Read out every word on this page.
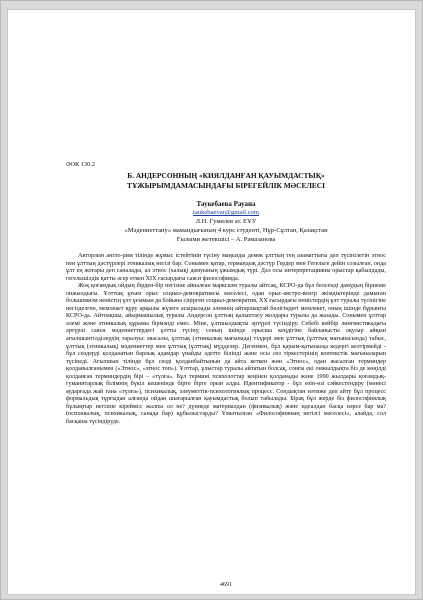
ӘОК 130.2
Б. АНДЕРСОННЫҢ «КИЯЛДАНҒАН ҚАУЫМДАСТЫҚ»
ТҰЖЫРЫМДАМАСЫНДАҒЫ БІРЕГЕЙЛІК МӘСЕЛЕСІ
Таукебаева Рауана
taukebaevar@gmail.com
Л.Н. Гумилев ат. ЕҰУ
«Мәдениеттану» мамандығының 4 курс студенті, Нұр-Сұлтан, Қазақстан
Ғылыми жетекшісі – А. Рамазанова

Авторлын англо-рим тілінде жұмыс істейтінін түсіну маңызды демек ұлттың тең азаматтығы деп түсінілетін этнос пен ұлттың дәстүрлері этникалық негізі бар. Сонымен қатар, германдық дәстүр Гердер мен Гегельге дейін созылған, онда ұлт ең жоғары деп саналады, ал этнос (халық) дамуының ұжымдық түрі. Дәл осы интерпретацияны орыстар қабылдады, гегельшілдік қатты әсер еткен XIX ғасырдағы саяси философияда.

Жоқ қоғамдық ойдың бірден-бір негізіне айналған марксизм туралы айтсақ, КСРО-да бұл белсенді дамудың бірнеше онжылдығы. Ұлттық ұғым орыс социал-демократиясы мәселесі, одан орыс-австро-венгр әкімдіктерінде дамыған большевизм немістің ұлт ұғымын да бойына сіңірген социал-демократия. XX ғасырдағы немістердің ұлт туралы түсінігіне негізделген, мемлекет құру арқылы жүзеге асырылады әлемнің айтарлықтай бөлігіндегі мемлекет, оның ішінде бұрынғы КСРО-да. Айтпақшы, айырмашылық туралы Андерсон ұлттың қалыптасу жолдары туралы да жазады. Сонымен ұлттар әлемі және этникалық құрамы бірмәнді емес. Міне, ұлтшылдықты әртүрлі түсіндіру. Себебі кейбір лингвистикадағы әртүрлі саяси мәдениеттердегі ұлтты түсіну, соның ішінде орысша кеңдігіне байланысты оқулар айқын ағылшынтілділердің таралуы: мысалы, ұлттық (этникалық мағынада) тілдері мен ұлттық (ұлттық мағынасында) табыс, ұлттық (этникалық) мәдениеттер мен ұлттық (ұлттық) мүдделер. Дегенмен, бұл қарым-қатынасқа кедергі келтірмейді - бұл сөздерді қолданатын барлық адамдар үнайды әдетте білінді және осы сөз тіркестерінің контекстік мағыналарын түсінеді. Ағылшын тілінде бұл сөзді қолданбайтынын да айта кеткен жөн «Этнос», одан жасалған терминдер қолданылғанымен («Этнос», «этнос топ»). Ұлттар, ұлыстар туралы айтатын болсақ, сонғы екі онжылдықта біз де көңілді қолданған терминдердің бірі – «түлға». Бұл термині психологтар кеңінен қолданады және 1990 жылдары қоғамдық-гуманитарлық білімнің бүкіл кешенінде бірте бірге орын алды. Идентификатор - бұл өзін-өзі сәйкестендіру (мәнесі аударғада жай ғана «түлға»), психикалық, әлеуметтік-психологиялық процесс. Сондықтан нәтиже деп айту бұл процесс формальдық тұрғыдан алғанда ойдан шығарылған қауымдастық болып табылады. Бірақ бұл жерде біз философиялық бұлыңғыр негізіне кірейміз: жалпы ол не? дүниеде материалдан (физикалық) және идеалдан басқа нәрсе бар ма? (психикалық, психикалық, санада бар) құбылыстарды? Ұмытылған «Философияның негізгі мәселесі», алайда, сол басқаша түсіндіруде.

4691
